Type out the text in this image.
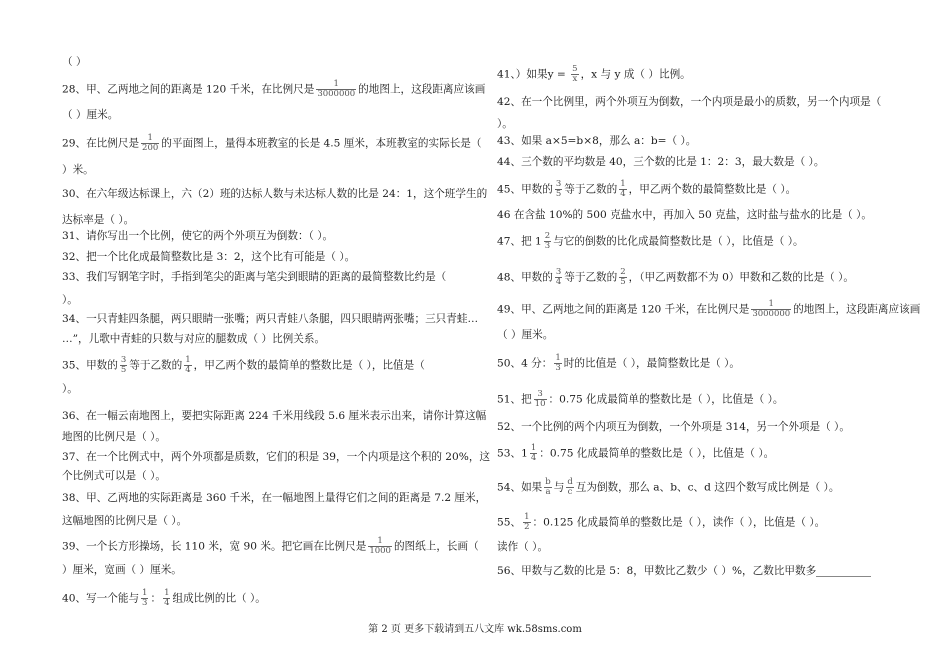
（ ）
28、甲、乙两地之间的距离是 120 千米，在比例尺是 $\frac{1}{3000000}$ 的地图上，这段距离应该画
（ ）厘米。
29、在比例尺是 $\frac{1}{200}$ 的平面图上，量得本班教室的长是 4.5 厘米，本班教室的实际长是（
）米。
30、在六年级达标课上，六（2）班的达标人数与未达标人数的比是 24：1，这个班学生的
达标率是（ ）。
31、请你写出一个比例，使它的两个外项互为倒数：（ ）。
32、把一个比化成最简整数比是 3：2，这个比有可能是（ ）。
33、我们写钢笔字时，手指到笔尖的距离与笔尖到眼睛的距离的最简整数比约是（
）。
34、一只青蛙四条腿，两只眼睛一张嘴；两只青蛙八条腿，四只眼睛两张嘴；三只青蛙…
…”，儿歌中青蛙的只数与对应的腿数成（ ）比例关系。
35、甲数的 $\frac{3}{5}$ 等于乙数的 $\frac{1}{4}$ ，甲乙两个数的最简单的整数比是（ ），比值是（
）。
36、在一幅云南地图上，要把实际距离 224 千米用线段 5.6 厘米表示出来，请你计算这幅
地图的比例尺是（ ）。
37、在一个比例式中，两个外项都是质数，它们的积是 39，一个内项是这个积的 20%，这
个比例式可以是（ ）。
38、甲、乙两地的实际距离是 360 千米，在一幅地图上量得它们之间的距离是 7.2 厘米，
这幅地图的比例尺是（ ）。
39、一个长方形操场，长 110 米，宽 90 米。把它画在比例尺是 $\frac{1}{1000}$ 的图纸上，长画（
）厘米，宽画（ ）厘米。
40、写一个能与 $\frac{1}{3}$ ： $\frac{1}{4}$ 组成比例的比（ ）。
41、）如果$y = \frac{5}{x}$ ，x 与 y 成（ ）比例。
42、在一个比例里，两个外项互为倒数，一个内项是最小的质数，另一个内项是（
）。
43、如果 a×5=b×8，那么 a：b=（ ）。
44、三个数的平均数是 40，三个数的比是 1：2：3，最大数是（ ）。
45、甲数的 $\frac{3}{5}$ 等于乙数的 $\frac{1}{4}$ ，甲乙两个数的最简整数比是（ ）。
46 在含盐 10%的 500 克盐水中，再加入 50 克盐，这时盐与盐水的比是（ ）。
47、把 $1 \frac{2}{3}$ 与它的倒数的比化成最简整数比是（ ），比值是（ ）。
48、甲数的 $\frac{3}{4}$ 等于乙数的 $\frac{2}{5}$ ，（甲乙两数都不为 0）甲数和乙数的比是（ ）。
49、甲、乙两地之间的距离是 120 千米，在比例尺是 $\frac{1}{3000000}$ 的地图上，这段距离应该画
（ ）厘米。
50、4 分： $\frac{1}{3}$ 时的比值是（ ），最简整数比是（ ）。
51、把 $\frac{3}{10}$ ：0.75 化成最简单的整数比是（ ），比值是（ ）。
52、一个比例的两个内项互为倒数，一个外项是 314，另一个外项是（ ）。
53、$1 \frac{1}{4}$ ：0.75 化成最简单的整数比是（ ），比值是（ ）。
54、如果 $\frac{b}{a}$ 与 $\frac{d}{c}$ 互为倒数，那么 a、b、c、d 这四个数写成比例是（ ）。
55、 $\frac{1}{2}$ ：0.125 化成最简单的整数比是（ ），读作（ ），比值是（ ）。
读作（ ）。
56、甲数与乙数的比是 5：8，甲数比乙数少（ ）%，乙数比甲数多
第 2 页 更多下载请到五八文库 wk.58sms.com
